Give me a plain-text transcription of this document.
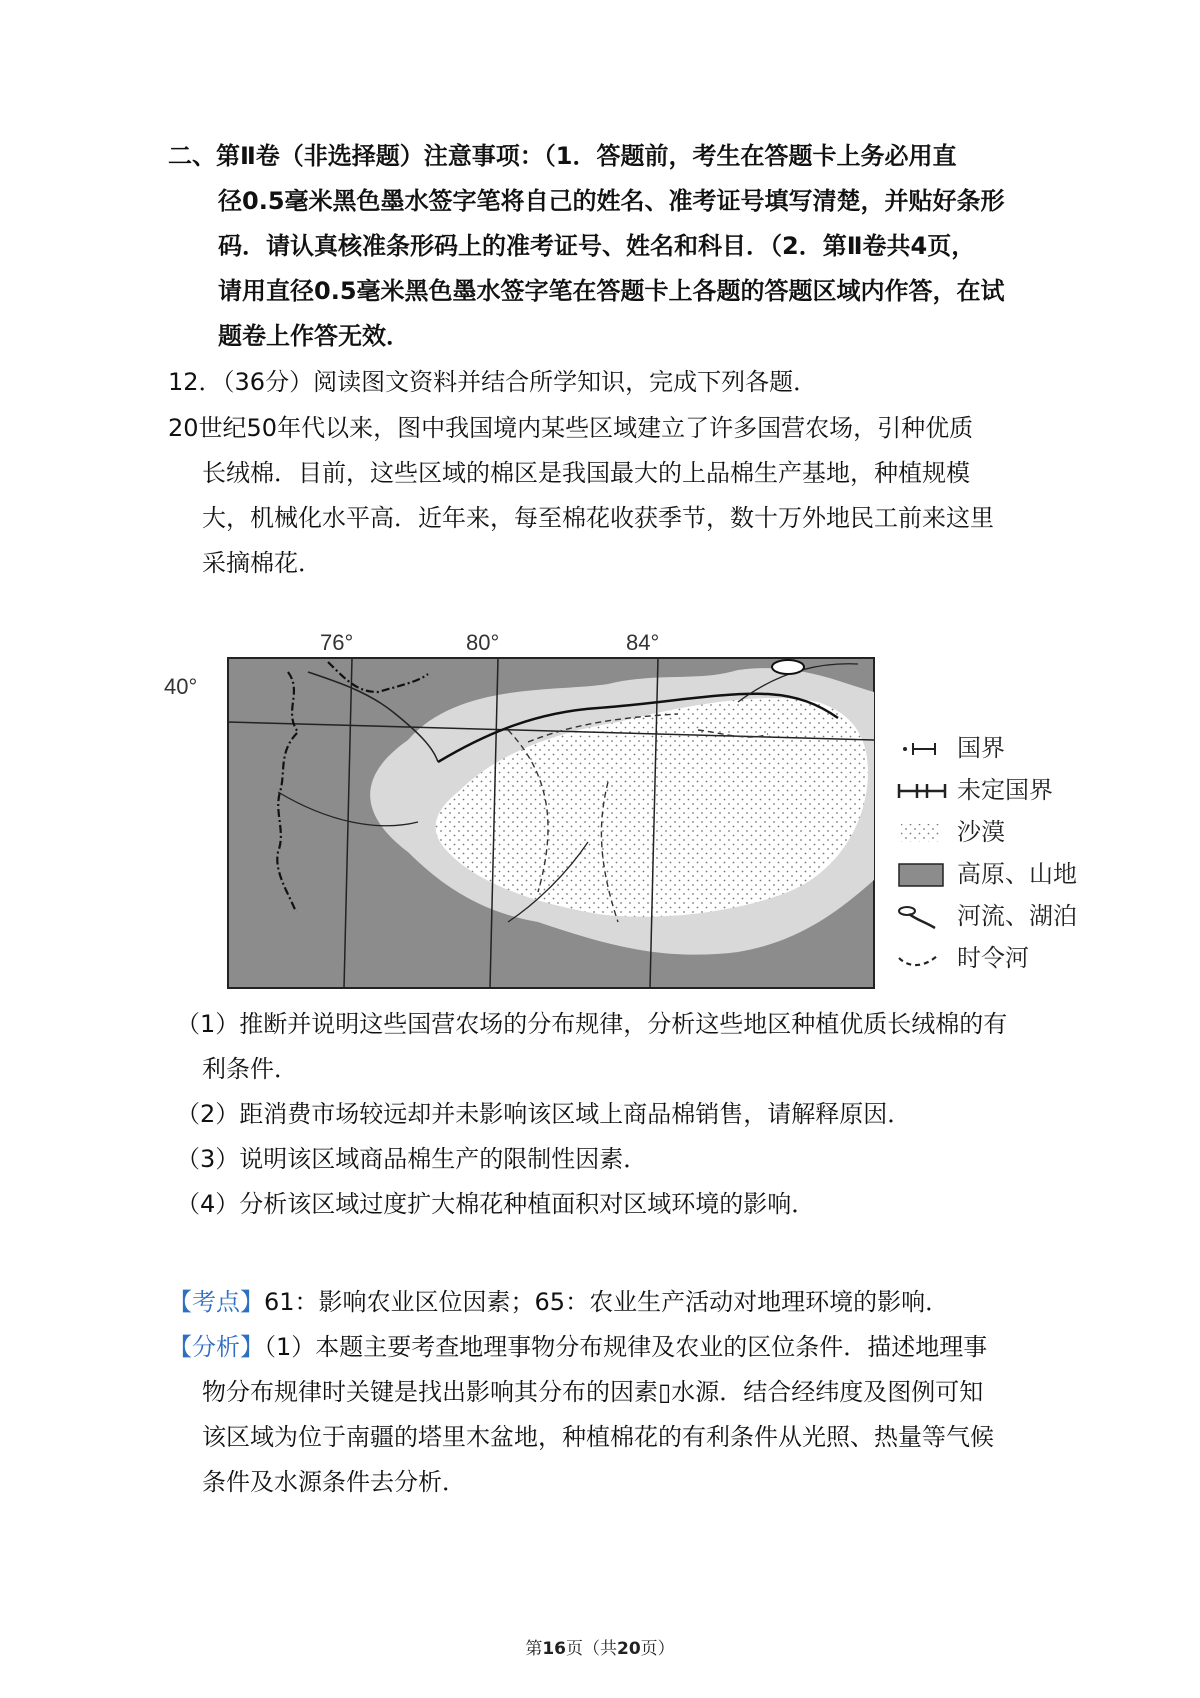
二、第Ⅱ卷（非选择题）注意事项：（1．答题前，考生在答题卡上务必用直
径0.5毫米黑色墨水签字笔将自己的姓名、准考证号填写清楚，并贴好条形
码．请认真核准条形码上的准考证号、姓名和科目．（2．第Ⅱ卷共4页，
请用直径0.5毫米黑色墨水签字笔在答题卡上各题的答题区域内作答，在试
题卷上作答无效．

12．（36分）阅读图文资料并结合所学知识，完成下列各题．

20世纪50年代以来，图中我国境内某些区域建立了许多国营农场，引种优质
长绒棉．目前，这些区域的棉区是我国最大的上品棉生产基地，种植规模
大，机械化水平高．近年来，每至棉花收获季节，数十万外地民工前来这里
采摘棉花．

76°	80°	84°
40°
国界
未定国界
沙漠
高原、山地
河流、湖泊
时令河

（1）推断并说明这些国营农场的分布规律，分析这些地区种植优质长绒棉的有
利条件．
（2）距消费市场较远却并未影响该区域上商品棉销售，请解释原因．
（3）说明该区域商品棉生产的限制性因素．
（4）分析该区域过度扩大棉花种植面积对区域环境的影响．

【考点】61：影响农业区位因素；65：农业生产活动对地理环境的影响．
【分析】（1）本题主要考查地理事物分布规律及农业的区位条件．描述地理事
物分布规律时关键是找出影响其分布的因素▯水源．结合经纬度及图例可知
该区域为位于南疆的塔里木盆地，种植棉花的有利条件从光照、热量等气候
条件及水源条件去分析．

第16页（共20页）
